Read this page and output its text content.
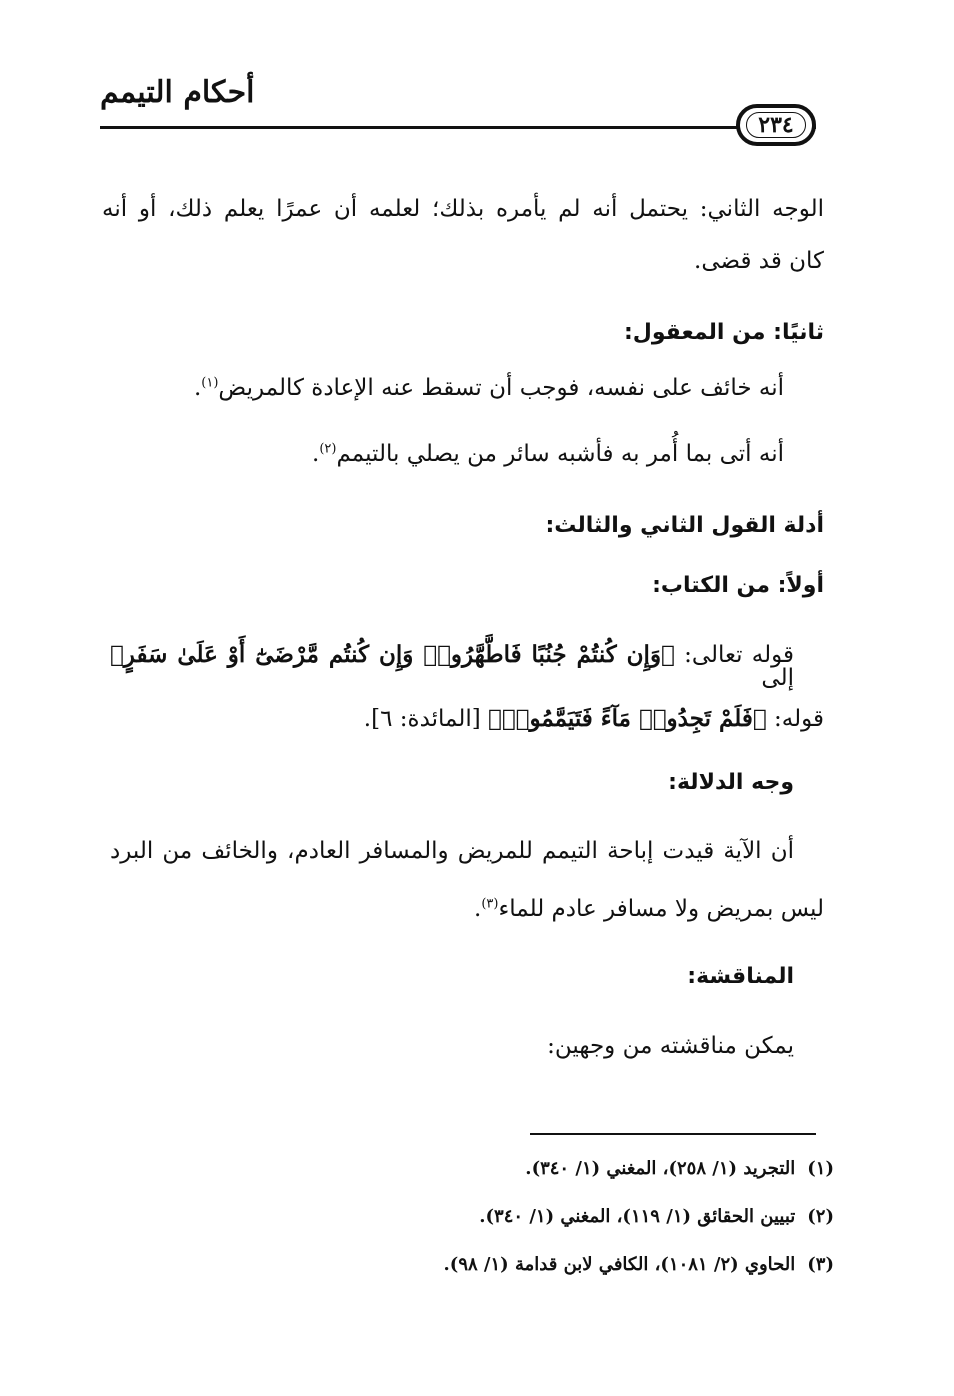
أحكام التيمم
٢٣٤
الوجه الثاني: يحتمل أنه لم يأمره بذلك؛ لعلمه أن عمرًا يعلم ذلك، أو أنه
كان قد قضى.
ثانيًا: من المعقول:
أنه خائف على نفسه، فوجب أن تسقط عنه الإعادة كالمريض$^{(١)}$.
أنه أتى بما أُمر به فأشبه سائر من يصلي بالتيمم$^{(٢)}$.
أدلة القول الثاني والثالث:
أولاً: من الكتاب:
قوله تعالى: ﴿وَإِن كُنتُمْ جُنُبًا فَاطَّهَّرُوا۟ وَإِن كُنتُم مَّرْضَىٰٓ أَوْ عَلَىٰ سَفَرٍ﴾ إلى
قوله: ﴿فَلَمْ تَجِدُوا۟ مَآءً فَتَيَمَّمُوا۟﴾ [المائدة: ٦].
وجه الدلالة:
أن الآية قيدت إباحة التيمم للمريض والمسافر العادم، والخائف من البرد
ليس بمريض ولا مسافر عادم للماء$^{(٣)}$.
المناقشة:
يمكن مناقشته من وجهين:
(١)التجريد (١/ ٢٥٨)، المغني (١/ ٣٤٠).
(٢)تبيين الحقائق (١/ ١١٩)، المغني (١/ ٣٤٠).
(٣)الحاوي (٢/ ١٠٨١)، الكافي لابن قدامة (١/ ٩٨).
